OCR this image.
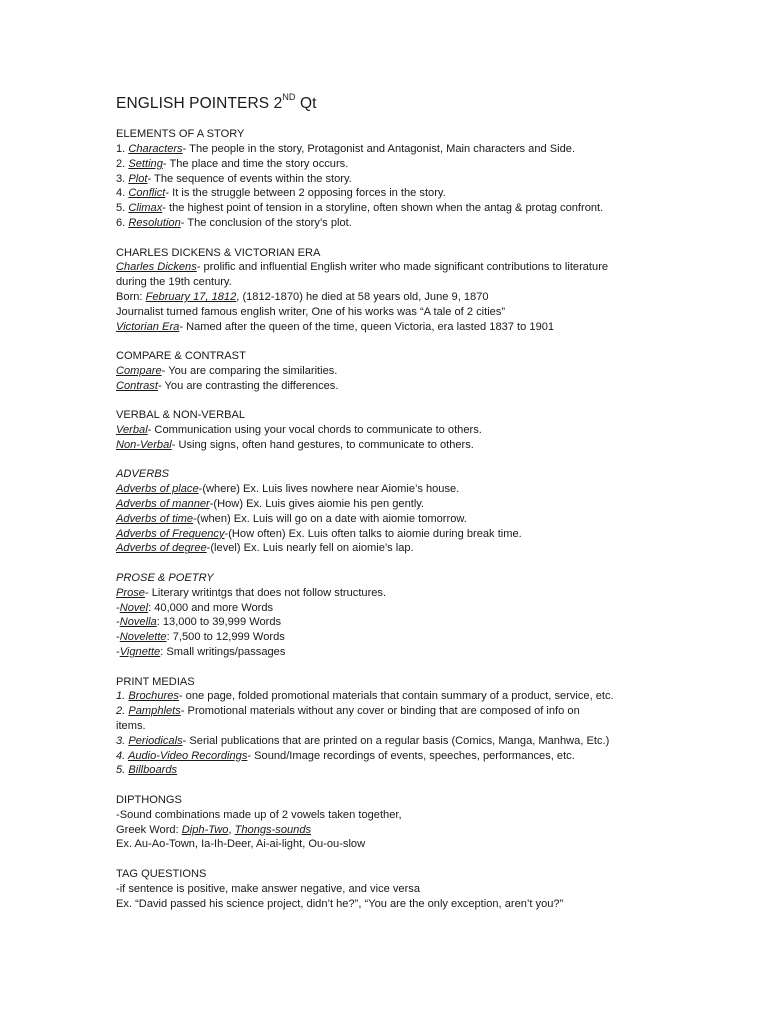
ENGLISH POINTERS 2ND Qt
ELEMENTS OF A STORY
1. Characters- The people in the story, Protagonist and Antagonist, Main characters and Side.
2. Setting- The place and time the story occurs.
3. Plot- The sequence of events within the story.
4. Conflict- It is the struggle between 2 opposing forces in the story.
5. Climax- the highest point of tension in a storyline, often shown when the antag & protag confront.
6. Resolution- The conclusion of the story’s plot.
CHARLES DICKENS & VICTORIAN ERA
Charles Dickens- prolific and influential English writer who made significant contributions to literature
during the 19th century.
Born: February 17, 1812, (1812-1870) he died at 58 years old, June 9, 1870
Journalist turned famous english writer, One of his works was “A tale of 2 cities”
Victorian Era- Named after the queen of the time, queen Victoria, era lasted 1837 to 1901
COMPARE & CONTRAST
Compare- You are comparing the similarities.
Contrast- You are contrasting the differences.
VERBAL & NON-VERBAL
Verbal- Communication using your vocal chords to communicate to others.
Non-Verbal- Using signs, often hand gestures, to communicate to others.
ADVERBS
Adverbs of place-(where) Ex. Luis lives nowhere near Aiomie’s house.
Adverbs of manner-(How) Ex. Luis gives aiomie his pen gently.
Adverbs of time-(when) Ex. Luis will go on a date with aiomie tomorrow.
Adverbs of Frequency-(How often) Ex. Luis often talks to aiomie during break time.
Adverbs of degree-(level) Ex. Luis nearly fell on aiomie’s lap.
PROSE & POETRY
Prose- Literary writintgs that does not follow structures.
-Novel: 40,000 and more Words
-Novella: 13,000 to 39,999 Words
-Novelette: 7,500 to 12,999 Words
-Vignette: Small writings/passages
PRINT MEDIAS
1. Brochures- one page, folded promotional materials that contain summary of a product, service, etc.
2. Pamphlets- Promotional materials without any cover or binding that are composed of info on
items.
3. Periodicals- Serial publications that are printed on a regular basis (Comics, Manga, Manhwa, Etc.)
4. Audio-Video Recordings- Sound/Image recordings of events, speeches, performances, etc.
5. Billboards
DIPTHONGS
-Sound combinations made up of 2 vowels taken together,
Greek Word: Diph-Two, Thongs-sounds
Ex. Au-Ao-Town, Ia-Ih-Deer, Ai-ai-light, Ou-ou-slow
TAG QUESTIONS
-if sentence is positive, make answer negative, and vice versa
Ex. “David passed his science project, didn’t he?”, “You are the only exception, aren’t you?”
